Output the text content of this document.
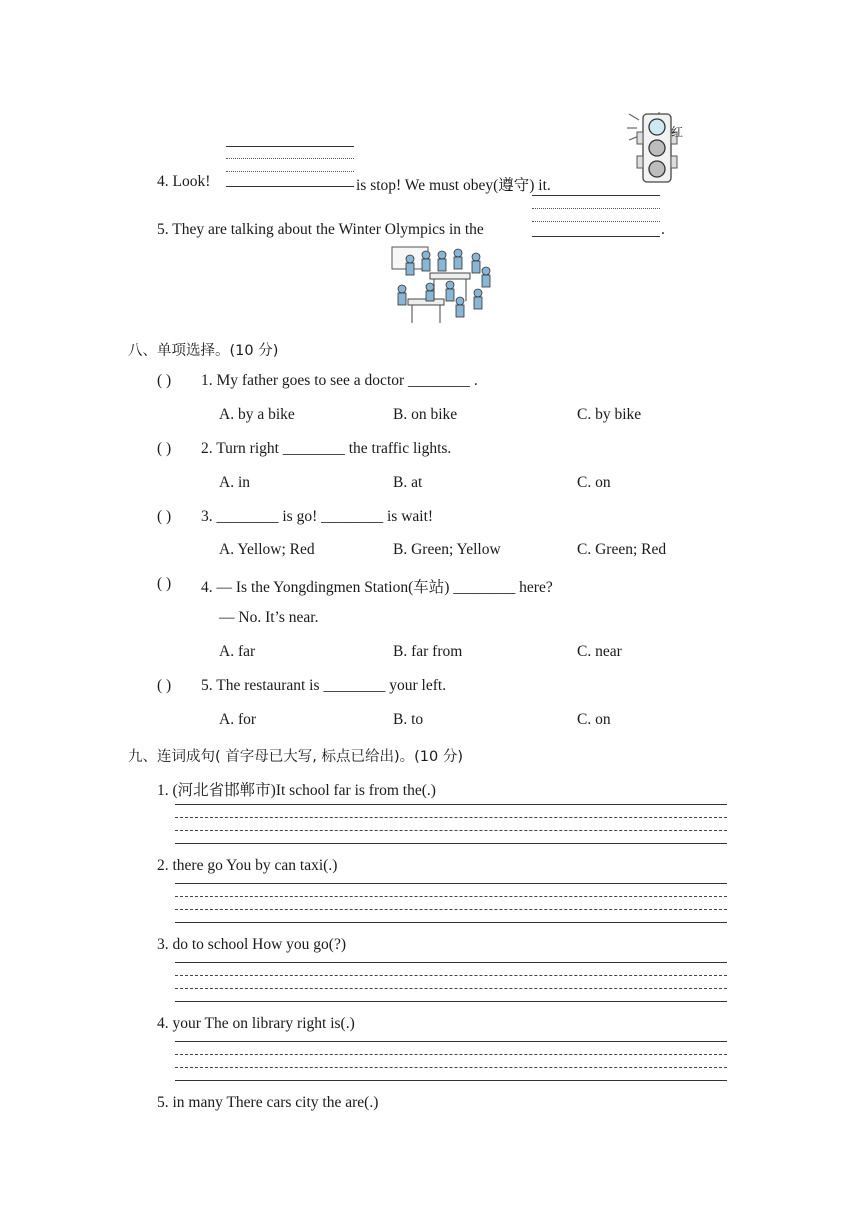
4. Look!	is stop! We must obey(遵守) it.
红
5. They are talking about the Winter Olympics in the	.
八、单项选择。(10 分)
( ) 1. My father goes to see a doctor ________ .
A. by a bike	B. on bike	C. by bike
( ) 2. Turn right ________ the traffic lights.
A. in	B. at	C. on
( ) 3. ________ is go! ________ is wait!
A. Yellow; Red	B. Green; Yellow	C. Green; Red
( ) 4. — Is the Yongdingmen Station(车站) ________ here?
— No. It’s near.
A. far	B. far from	C. near
( ) 5. The restaurant is ________ your left.
A. for	B. to	C. on
九、连词成句( 首字母已大写, 标点已给出)。(10 分)
1. (河北省邯郸市)It school far is from the(.)
2. there go You by can taxi(.)
3. do to school How you go(?)
4. your The on library right is(.)
5. in many There cars city the are(.)
